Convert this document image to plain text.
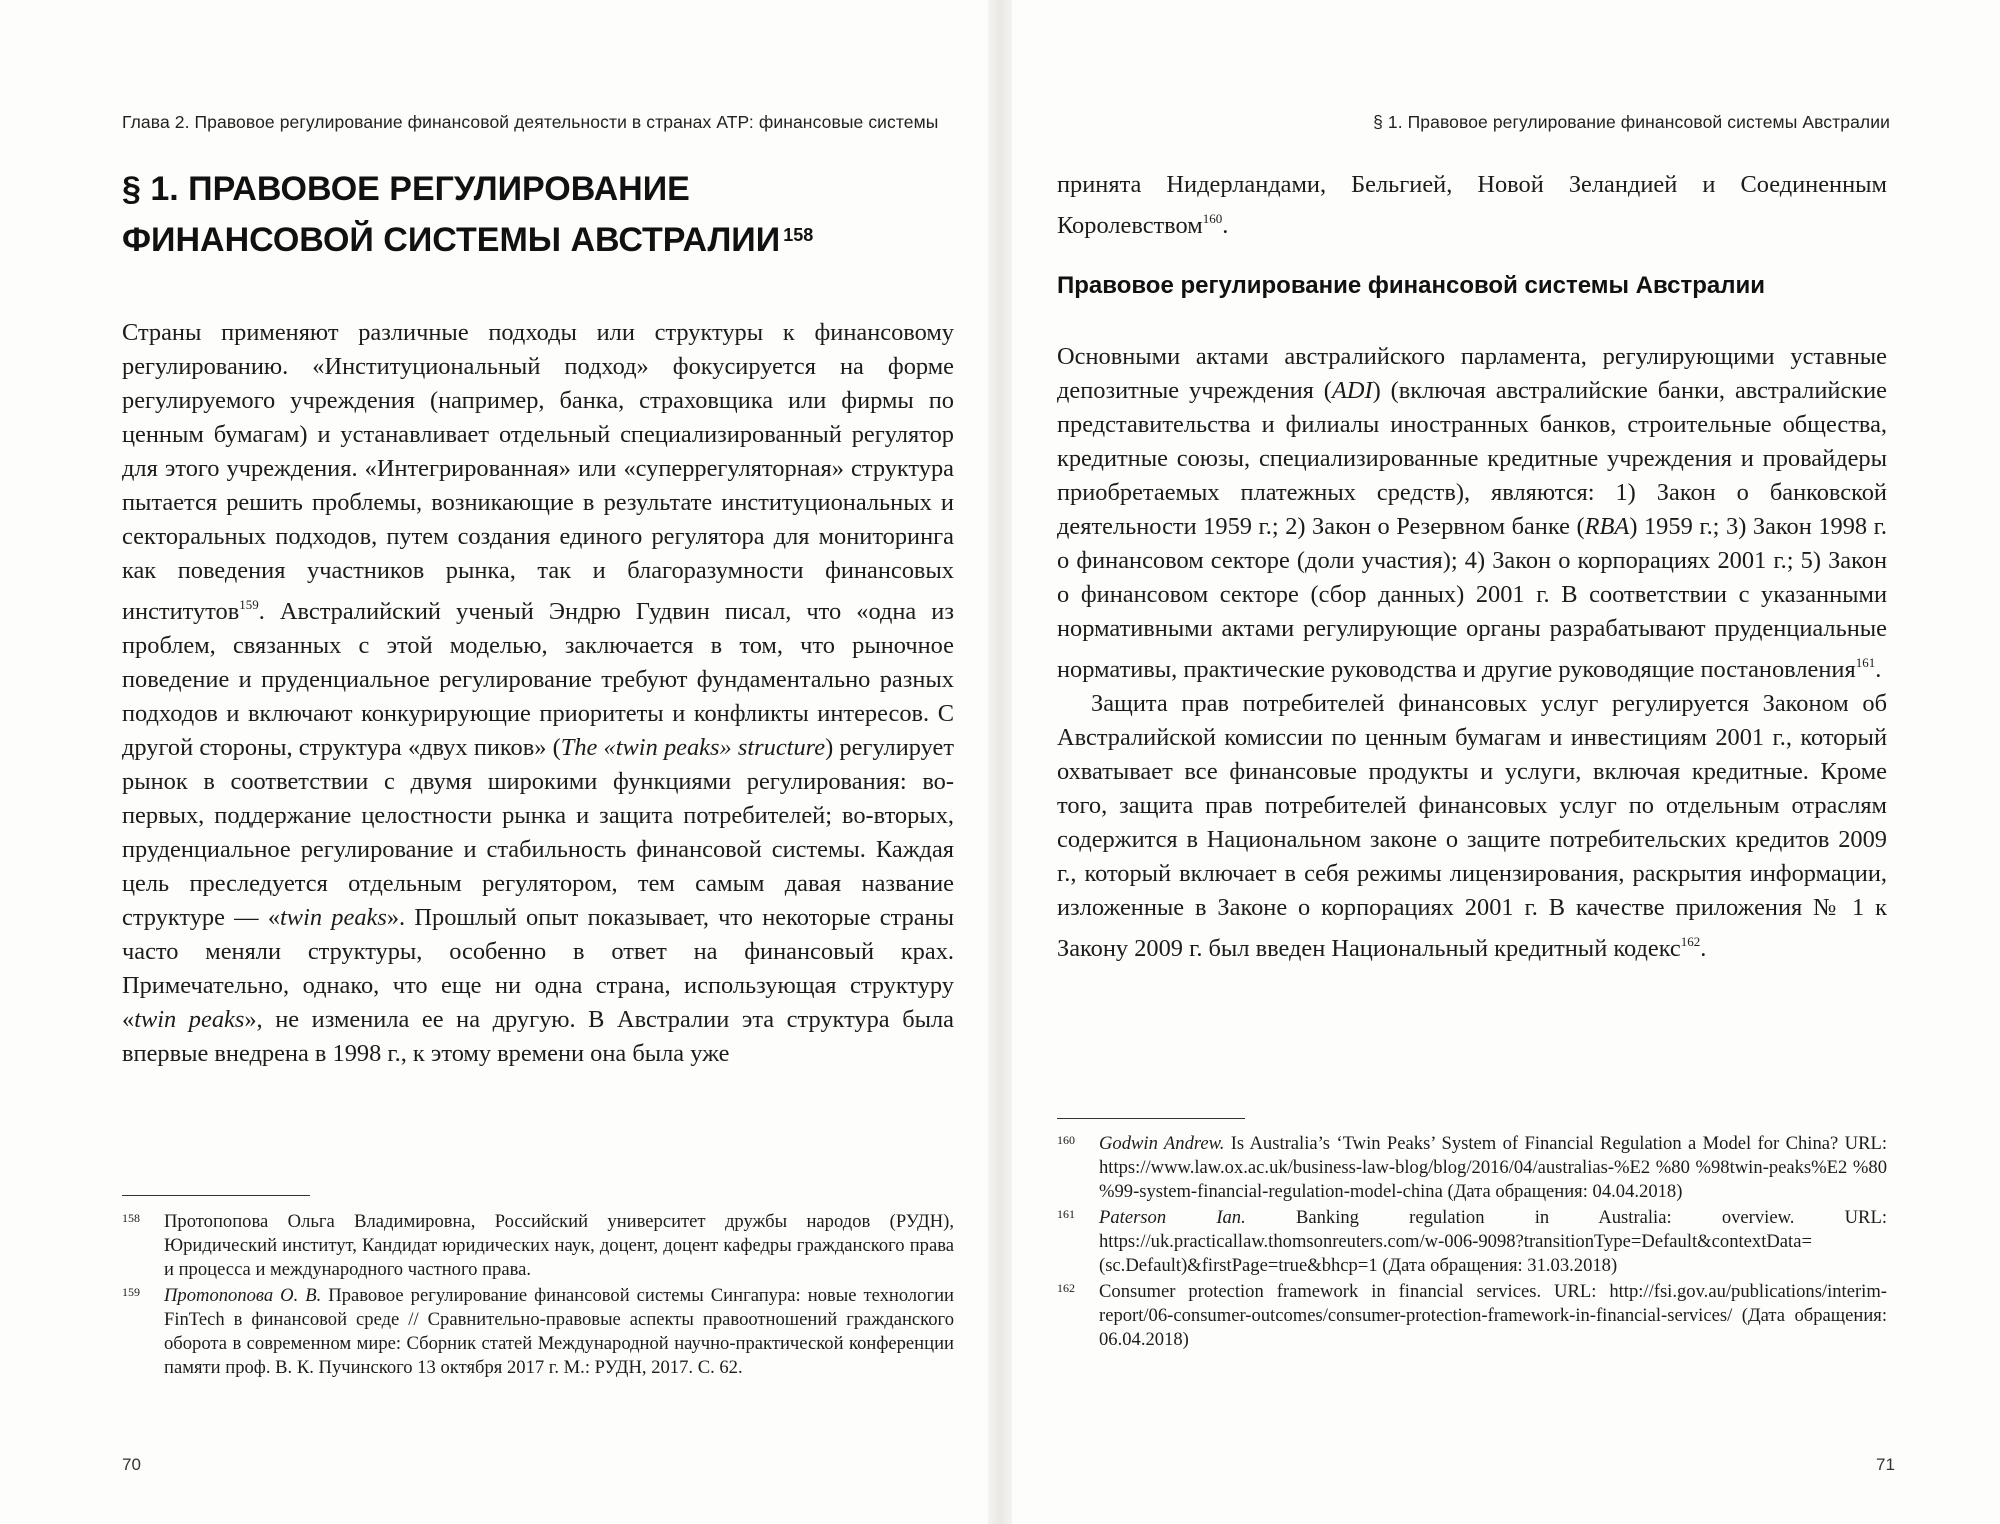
Глава 2. Правовое регулирование финансовой деятельности в странах АТР: финансовые системы
§ 1. ПРАВОВОЕ РЕГУЛИРОВАНИЕ ФИНАНСОВОЙ СИСТЕМЫ АВСТРАЛИИ $^{158}$

Страны применяют различные подходы или структуры к финансовому регулированию. «Институциональный подход» фокусируется на форме регулируемого учреждения (например, банка, страховщика или фирмы по ценным бумагам) и устанавливает отдельный специализированный регулятор для этого учреждения. «Интегрированная» или «суперрегуляторная» структура пытается решить проблемы, возникающие в результате институциональных и секторальных подходов, путем создания единого регулятора для мониторинга как поведения участников рынка, так и благоразумности финансовых институтов$^{159}$. Австралийский ученый Эндрю Гудвин писал, что «одна из проблем, связанных с этой моделью, заключается в том, что рыночное поведение и пруденциальное регулирование требуют фундаментально разных подходов и включают конкурирующие приоритеты и конфликты интересов. С другой стороны, структура «двух пиков» (The «twin peaks» structure) регулирует рынок в соответствии с двумя широкими функциями регулирования: во-первых, поддержание целостности рынка и защита потребителей; во-вторых, пруденциальное регулирование и стабильность финансовой системы. Каждая цель преследуется отдельным регулятором, тем самым давая название структуре — «twin peaks». Прошлый опыт показывает, что некоторые страны часто меняли структуры, особенно в ответ на финансовый крах. Примечательно, однако, что еще ни одна страна, использующая структуру «twin peaks», не изменила ее на другую. В Австралии эта структура была впервые внедрена в 1998 г., к этому времени она была уже

158 Протопопова Ольга Владимировна, Российский университет дружбы народов (РУДН), Юридический институт, Кандидат юридических наук, доцент, доцент кафедры гражданского права и процесса и международного частного права.
159 Протопопова О. В. Правовое регулирование финансовой системы Сингапура: новые технологии FinTech в финансовой среде // Сравнительно-правовые аспекты правоотношений гражданского оборота в современном мире: Сборник статей Международной научно-практической конференции памяти проф. В. К. Пучинского 13 октября 2017 г. М.: РУДН, 2017. С. 62.
70
§ 1. Правовое регулирование финансовой системы Австралии

принята Нидерландами, Бельгией, Новой Зеландией и Соединенным Королевством$^{160}$.

Правовое регулирование финансовой системы Австралии

Основными актами австралийского парламента, регулирующими уставные депозитные учреждения (ADI) (включая австралийские банки, австралийские представительства и филиалы иностранных банков, строительные общества, кредитные союзы, специализированные кредитные учреждения и провайдеры приобретаемых платежных средств), являются: 1) Закон о банковской деятельности 1959 г.; 2) Закон о Резервном банке (RBA) 1959 г.; 3) Закон 1998 г. о финансовом секторе (доли участия); 4) Закон о корпорациях 2001 г.; 5) Закон о финансовом секторе (сбор данных) 2001 г. В соответствии с указанными нормативными актами регулирующие органы разрабатывают пруденциальные нормативы, практические руководства и другие руководящие постановления$^{161}$.

Защита прав потребителей финансовых услуг регулируется Законом об Австралийской комиссии по ценным бумагам и инвестициям 2001 г., который охватывает все финансовые продукты и услуги, включая кредитные. Кроме того, защита прав потребителей финансовых услуг по отдельным отраслям содержится в Национальном законе о защите потребительских кредитов 2009 г., который включает в себя режимы лицензирования, раскрытия информации, изложенные в Законе о корпорациях 2001 г. В качестве приложения № 1 к Закону 2009 г. был введен Национальный кредитный кодекс$^{162}$.

160 Godwin Andrew. Is Australia’s ‘Twin Peaks’ System of Financial Regulation a Model for China? URL: https://www.law.ox.ac.uk/business-law-blog/blog/2016/04/australias-%E2 %80 %98twin-peaks%E2 %80 %99-system-financial-regulation-model-china (Дата обращения: 04.04.2018)
161 Paterson Ian. Banking regulation in Australia: overview. URL: https://uk.practicallaw.thomsonreuters.com/w-006-9098?transitionType=Default&contextData=(sc.Default)&firstPage=true&bhcp=1 (Дата обращения: 31.03.2018)
162 Consumer protection framework in financial services. URL: http://fsi.gov.au/publications/interim-report/06-consumer-outcomes/consumer-protection-framework-in-financial-services/ (Дата обращения: 06.04.2018)
71
